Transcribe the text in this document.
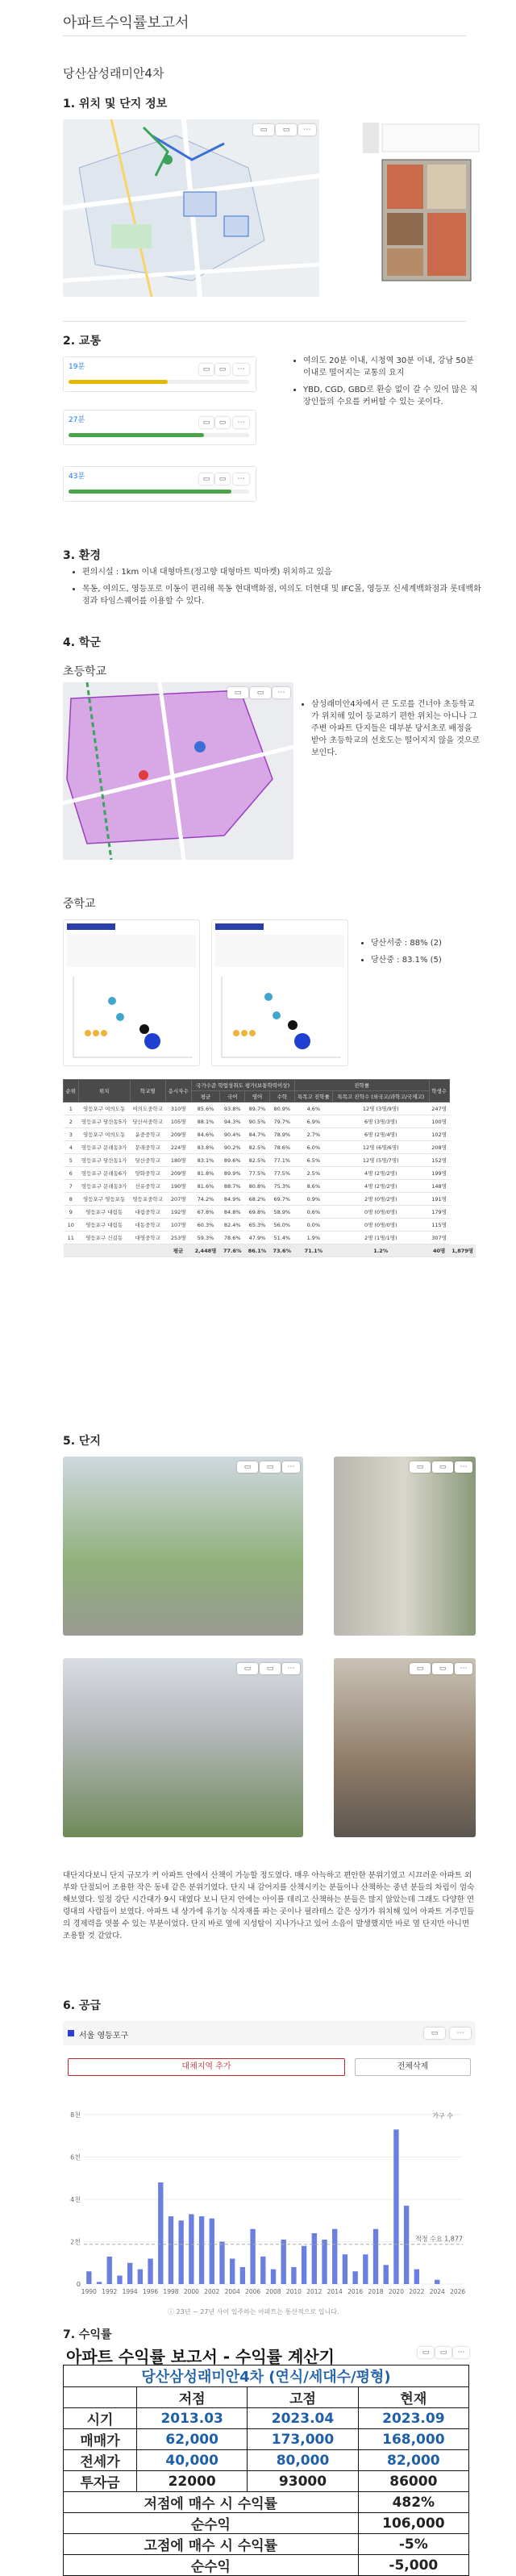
아파트수익률보고서
당산삼성래미안4차
1. 위치 및 단지 정보
▭	▭	⋯
2. 교통
19분	▭	▭	⋯
27분	▭	▭	⋯
43분	▭	▭	⋯
• 여의도 20분 이내, 시청역 30분 이내, 강남 50분 이내로 떨어지는 교통의 요지
• YBD, CGD, GBD로 환승 없이 갈 수 있어 많은 직장인들의 수요를 커버할 수 있는 곳이다.
3. 환경
• 편의시설 : 1km 이내 대형마트(정고향 대형마트 빅마켓) 위치하고 있음
• 목동, 여의도, 영등포로 이동이 편리해 목동 현대백화점, 여의도 더현대 및 IFC몰, 영등포 신세계백화점과 롯데백화점과 타임스퀘어를 이용할 수 있다.
4. 학군
초등학교
▭	▭	⋯
• 삼성래미안4차에서 큰 도로를 건너야 초등학교가 위치해 있어 등교하기 편한 위치는 아니나 그 주변 아파트 단지들은 대부분 당서초로 배정을 받아 초등학교의 선호도는 떨어지지 않을 것으로 보인다.
중학교
• 당산서중 : 88% (2)
• 당산중 : 83.1% (5)
순위	위치	학교명	응시자수	국가수준 학업성취도 평가(보통학력이상)				진학률		학생수	
				평균	국어	영어	수학	특목고 진학률	특목고 진학수 (외국고/과학고/국제고)		
1	영등포구 여의도동	여의도중학교	310명	85.6%	93.8%	89.7%	80.9%	4.6%	12명 (3명/9명)	247명	
2	영등포구 당산동5가	당산서중학교	105명	88.1%	94.3%	90.5%	79.7%	6.9%	6명 (3명/3명)	100명	
3	영등포구 여의도동	윤중중학교	209명	84.6%	90.4%	84.7%	78.9%	2.7%	6명 (2명/4명)	102명	
4	영등포구 문래동3가	문래중학교	224명	83.8%	90.2%	82.5%	78.6%	6.0%	12명 (6명/6명)	208명	
5	영등포구 당산동1가	당산중학교	180명	83.1%	89.6%	82.5%	77.1%	6.5%	12명 (5명/7명)	152명	
6	영등포구 문래동6가	양화중학교	209명	81.8%	89.9%	77.5%	77.5%	2.5%	4명 (2명/2명)	199명	
7	영등포구 문래동3가	선유중학교	190명	81.6%	88.7%	80.8%	75.3%	8.6%	4명 (2명/2명)	148명	
8	영등포구 영등포동	영등포중학교	207명	74.2%	84.9%	68.2%	69.7%	0.9%	2명 (0명/2명)	191명	
9	영등포구 대림동	대림중학교	192명	67.8%	84.8%	69.8%	58.9%	0.6%	0명 (0명/0명)	179명	
10	영등포구 대림동	대동중학교	107명	60.3%	82.4%	65.3%	56.0%	0.0%	0명 (0명/0명)	115명	
11	영등포구 신길동	대영중학교	253명	59.3%	78.6%	47.9%	51.4%	1.9%	2명 (1명/1명)	307명	
			평균	2,448명	77.6%	86.1%	73.6%	71.1%	1.2%	40명	1,879명
5. 단지
▭	▭	⋯	▭	▭	⋯
▭	▭	⋯	▭	▭	⋯
대단지다보니 단지 규모가 커 아파트 안에서 산책이 가능할 정도였다. 매우 아늑하고 편안한 분위기였고 시끄러운 아파트 외부와 단절되어 조용한 작은 동네 같은 분위기였다. 단지 내 감어지를 산책시키는 분들이나 산책하는 중년 분들의 차림이 엄숙해보였다. 일정 강단 시간대가 9시 대였다 보니 단지 안에는 아이를 데리고 산책하는 분들은 많지 않았는데 그래도 다양한 연령대의 사람들이 보였다. 아파트 내 상가에 유기농 식자재를 파는 곳이나 필라테스 같은 상가가 위치해 있어 아파트 거주민들의 경제력을 엿볼 수 있는 부분이었다. 단지 바로 옆에 지성탑이 지나가나고 있어 소음이 발생했지만 바로 옆 단지만 아니면 조용할 것 같았다.
6. 공급
서울 영등포구	▭	⋯
대체지역 추가	전체삭제
0
2천
4천
6천
8천
1990 1992 1994 1996 1998 2000 2002 2004 2006 2008 2010 2012 2014 2016 2018 2020 2022 2024 2026
적정 수요 1,877
가구 수
ⓘ 23년 ~ 27년 사이 입주하는 아파트는 통산적으로 입니다.
7. 수익률
아파트 수익률 보고서 - 수익률 계산기	▭	▭	⋯
당산삼성래미안4차 (연식/세대수/평형)			
	저점	고점	현재
시기	2013.03	2023.04	2023.09
매매가	62,000	173,000	168,000
전세가	40,000	80,000	82,000
투자금	22000	93000	86000
저점에 매수 시 수익률			482%
순수익			106,000
고점에 매수 시 수익률			-5%
순수익			-5,000
